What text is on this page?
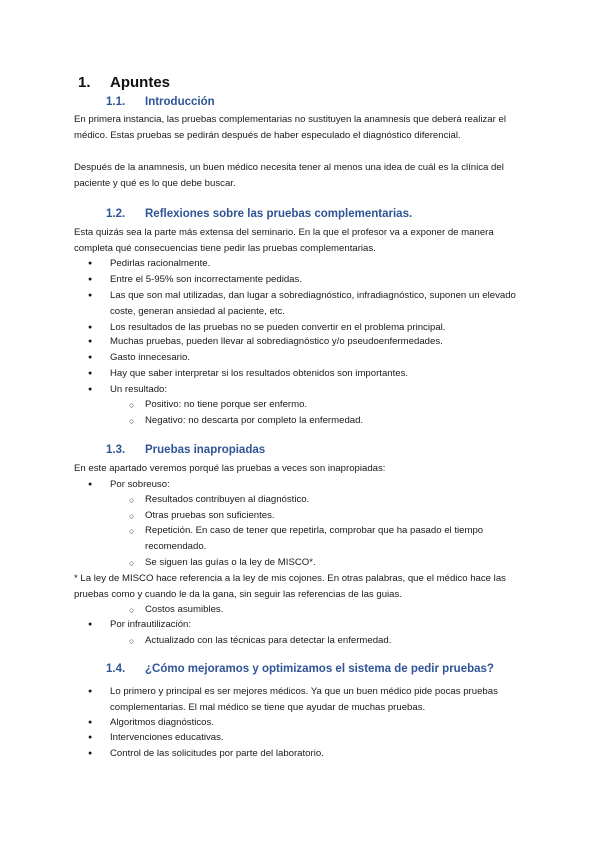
1. Apuntes
1.1. Introducción
En primera instancia, las pruebas complementarias no sustituyen la anamnesis que deberá realizar el médico. Estas pruebas se pedirán después de haber especulado el diagnóstico diferencial.
Después de la anamnesis, un buen médico necesita tener al menos una idea de cuál es la clínica del paciente y qué es lo que debe buscar.
1.2. Reflexiones sobre las pruebas complementarias.
Esta quizás sea la parte más extensa del seminario. En la que el profesor va a exponer de manera completa qué consecuencias tiene pedir las pruebas complementarias.
● Pedirlas racionalmente.
● Entre el 5-95% son incorrectamente pedidas.
● Las que son mal utilizadas, dan lugar a sobrediagnóstico, infradiagnóstico, suponen un elevado coste, generan ansiedad al paciente, etc.
● Los resultados de las pruebas no se pueden convertir en el problema principal.
● Muchas pruebas, pueden llevar al sobrediagnóstico y/o pseudoenfermedades.
● Gasto innecesario.
● Hay que saber interpretar si los resultados obtenidos son importantes.
● Un resultado:
○ Positivo: no tiene porque ser enfermo.
○ Negativo: no descarta por completo la enfermedad.
1.3. Pruebas inapropiadas
En este apartado veremos porqué las pruebas a veces son inapropiadas:
● Por sobreuso:
○ Resultados contribuyen al diagnóstico.
○ Otras pruebas son suficientes.
○ Repetición. En caso de tener que repetirla, comprobar que ha pasado el tiempo recomendado.
○ Se siguen las guías o la ley de MISCO*.
* La ley de MISCO hace referencia a la ley de mis cojones. En otras palabras, que el médico hace las pruebas como y cuando le da la gana, sin seguir las referencias de las guias.
○ Costos asumibles.
● Por infrautilización:
○ Actualizado con las técnicas para detectar la enfermedad.
1.4. ¿Cómo mejoramos y optimizamos el sistema de pedir pruebas?
● Lo primero y principal es ser mejores médicos. Ya que un buen médico pide pocas pruebas complementarias. El mal médico se tiene que ayudar de muchas pruebas.
● Algoritmos diagnósticos.
● Intervenciones educativas.
● Control de las solicitudes por parte del laboratorio.
